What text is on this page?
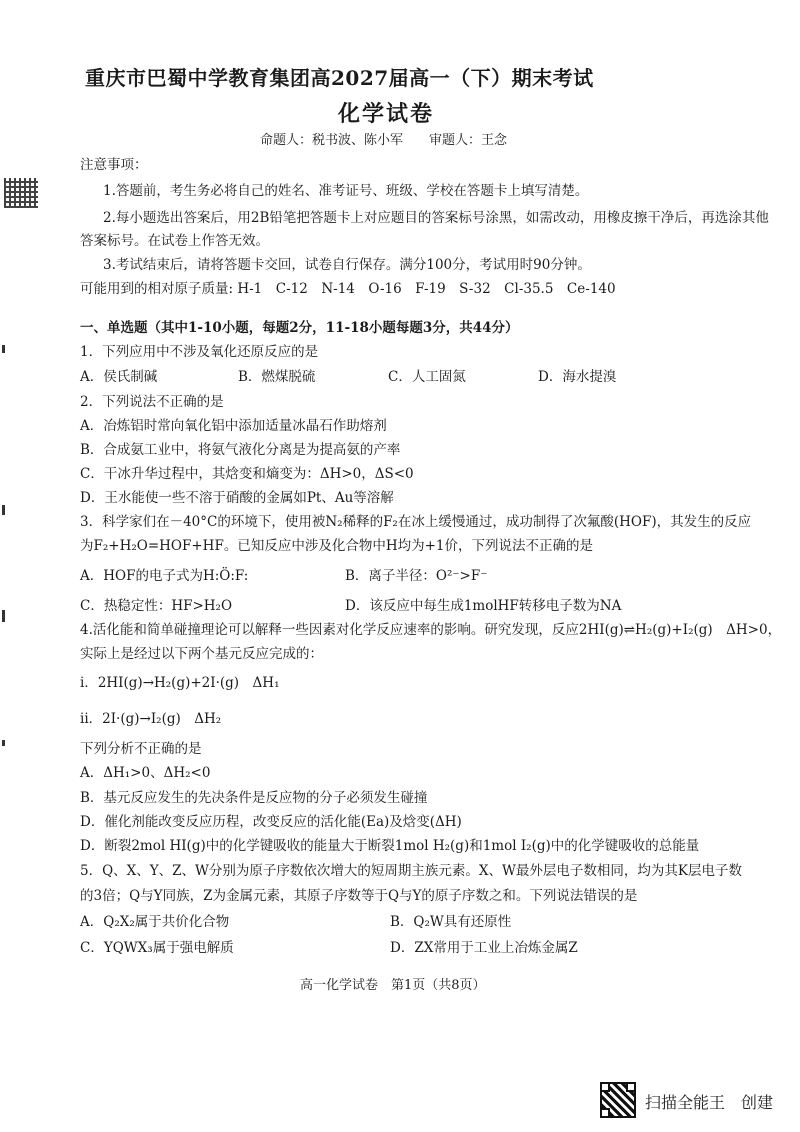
重庆市巴蜀中学教育集团高2027届高一（下）期末考试
化学试卷
命题人：税书波、陈小军　　审题人：王念
注意事项：
1.答题前，考生务必将自己的姓名、准考证号、班级、学校在答题卡上填写清楚。
2.每小题选出答案后，用2B铅笔把答题卡上对应题目的答案标号涂黑，如需改动，用橡皮擦干净后，再选涂其他
答案标号。在试卷上作答无效。
3.考试结束后，请将答题卡交回，试卷自行保存。满分100分，考试用时90分钟。
可能用到的相对原子质量: H-1　C-12　N-14　O-16　F-19　S-32　Cl-35.5　Ce-140
一、单选题（其中1-10小题，每题2分，11-18小题每题3分，共44分）
1．下列应用中不涉及氧化还原反应的是
A．侯氏制碱	B．燃煤脱硫	C．人工固氮	D．海水提溴
2．下列说法不正确的是
A．冶炼铝时常向氧化铝中添加适量冰晶石作助熔剂
B．合成氨工业中，将氨气液化分离是为提高氨的产率
C．干冰升华过程中，其焓变和熵变为：ΔH>0，ΔS<0
D．王水能使一些不溶于硝酸的金属如Pt、Au等溶解
3．科学家们在－40°C的环境下，使用被N₂稀释的F₂在冰上缓慢通过，成功制得了次氟酸(HOF)，其发生的反应
为F₂+H₂O=HOF+HF。已知反应中涉及化合物中H均为+1价，下列说法不正确的是
A．HOF的电子式为H:Ö:F:	B．离子半径：O²⁻>F⁻
C．热稳定性：HF>H₂O	D．该反应中每生成1molHF转移电子数为NA
4.活化能和简单碰撞理论可以解释一些因素对化学反应速率的影响。研究发现，反应2HI(g)⇌H₂(g)+I₂(g)　ΔH>0，
实际上是经过以下两个基元反应完成的：
i．2HI(g)→H₂(g)+2I·(g)　ΔH₁
ii．2I·(g)→I₂(g)　ΔH₂
下列分析不正确的是
A．ΔH₁>0、ΔH₂<0
B．基元反应发生的先决条件是反应物的分子必须发生碰撞
D．催化剂能改变反应历程，改变反应的活化能(Ea)及焓变(ΔH)
D．断裂2mol HI(g)中的化学键吸收的能量大于断裂1mol H₂(g)和1mol I₂(g)中的化学键吸收的总能量
5．Q、X、Y、Z、W分别为原子序数依次增大的短周期主族元素。X、W最外层电子数相同，均为其K层电子数
的3倍；Q与Y同族，Z为金属元素，其原子序数等于Q与Y的原子序数之和。下列说法错误的是
A．Q₂X₂属于共价化合物	B．Q₂W具有还原性
C．YQWX₃属于强电解质	D．ZX常用于工业上冶炼金属Z
高一化学试卷　第1页（共8页）
扫描全能王　创建
